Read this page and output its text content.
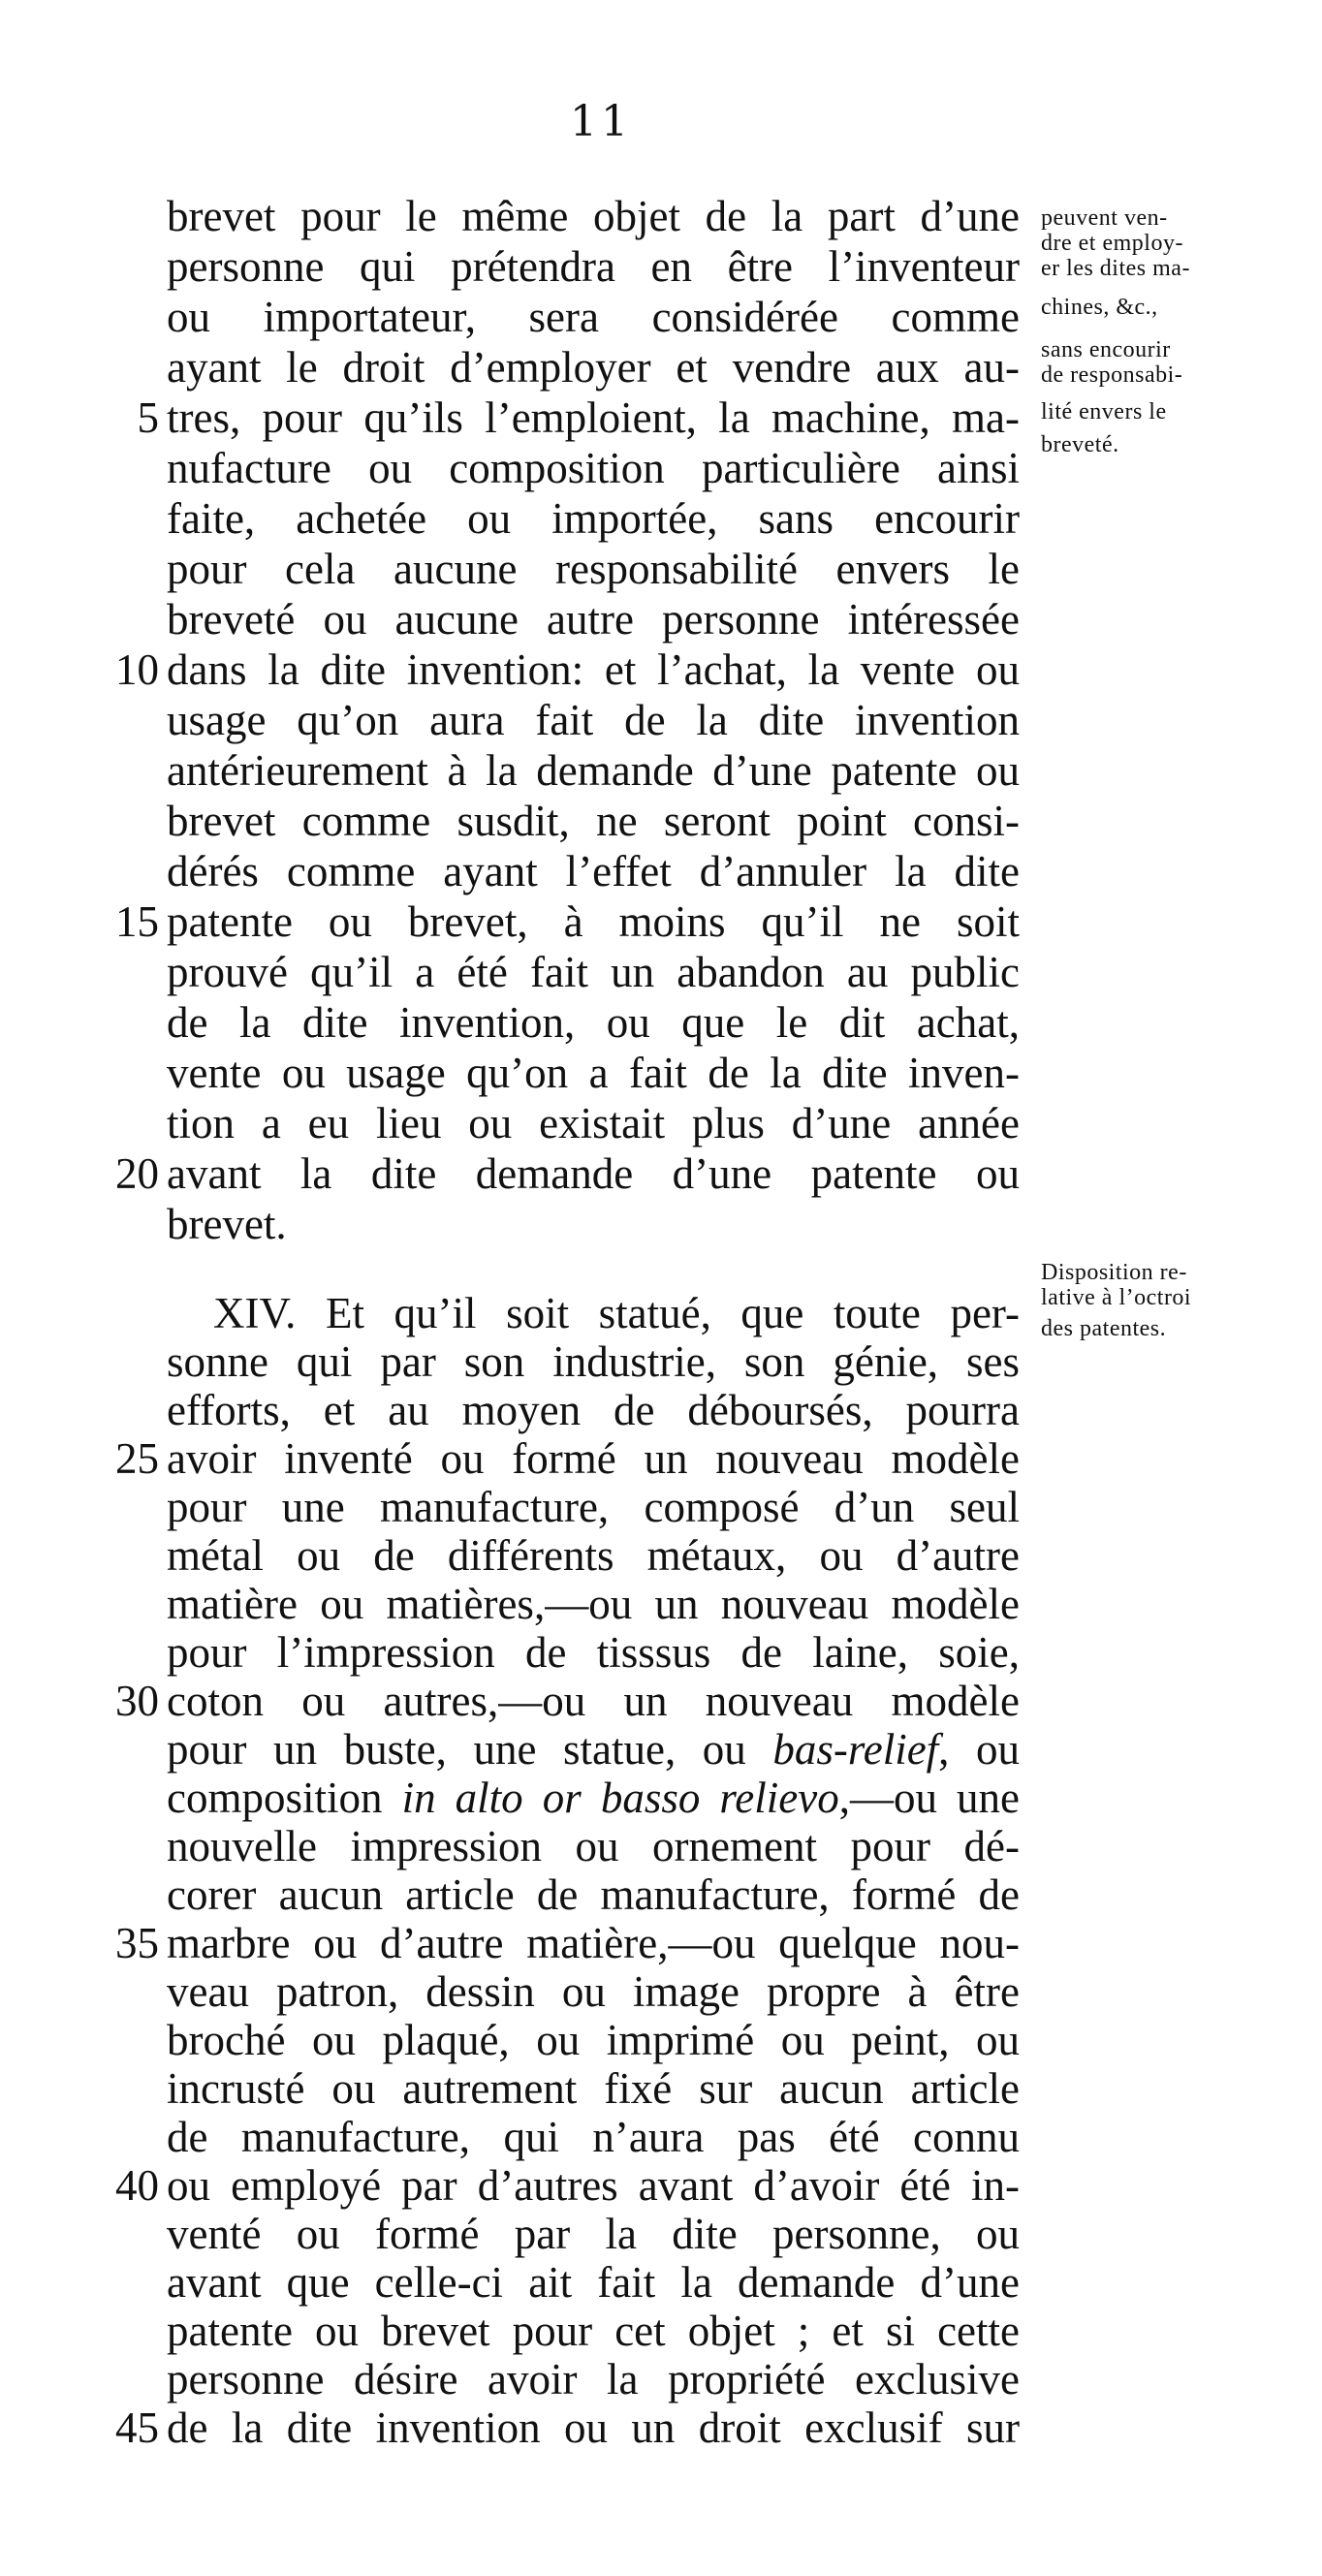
11
brevet pour le même objet de la part d’une
personne qui prétendra en être l’inventeur
ou importateur, sera considérée comme
ayant le droit d’employer et vendre aux au-
tres, pour qu’ils l’emploient, la machine, ma-
nufacture ou composition particulière ainsi
faite, achetée ou importée, sans encourir
pour cela aucune responsabilité envers le
breveté ou aucune autre personne intéressée
dans la dite invention: et l’achat, la vente ou
usage qu’on aura fait de la dite invention
antérieurement à la demande d’une patente ou
brevet comme susdit, ne seront point consi-
dérés comme ayant l’effet d’annuler la dite
patente ou brevet, à moins qu’il ne soit
prouvé qu’il a été fait un abandon au public
de la dite invention, ou que le dit achat,
vente ou usage qu’on a fait de la dite inven-
tion a eu lieu ou existait plus d’une année
avant la dite demande d’une patente ou
brevet.
XIV. Et qu’il soit statué, que toute per-
sonne qui par son industrie, son génie, ses
efforts, et au moyen de déboursés, pourra
avoir inventé ou formé un nouveau modèle
pour une manufacture, composé d’un seul
métal ou de différents métaux, ou d’autre
matière ou matières,—ou un nouveau modèle
pour l’impression de tisssus de laine, soie,
coton ou autres,—ou un nouveau modèle
pour un buste, une statue, ou bas-relief, ou
composition in alto or basso relievo,—ou une
nouvelle impression ou ornement pour dé-
corer aucun article de manufacture, formé de
marbre ou d’autre matière,—ou quelque nou-
veau patron, dessin ou image propre à être
broché ou plaqué, ou imprimé ou peint, ou
incrusté ou autrement fixé sur aucun article
de manufacture, qui n’aura pas été connu
ou employé par d’autres avant d’avoir été in-
venté ou formé par la dite personne, ou
avant que celle-ci ait fait la demande d’une
patente ou brevet pour cet objet ; et si cette
personne désire avoir la propriété exclusive
de la dite invention ou un droit exclusif sur
5
10
15
20
25
30
35
40
45
peuvent ven-
dre et employ-
er les dites ma-
chines, &c.,
sans encourir
de responsabi-
lité envers le
breveté.
Disposition re-
lative à l’octroi
des patentes.
